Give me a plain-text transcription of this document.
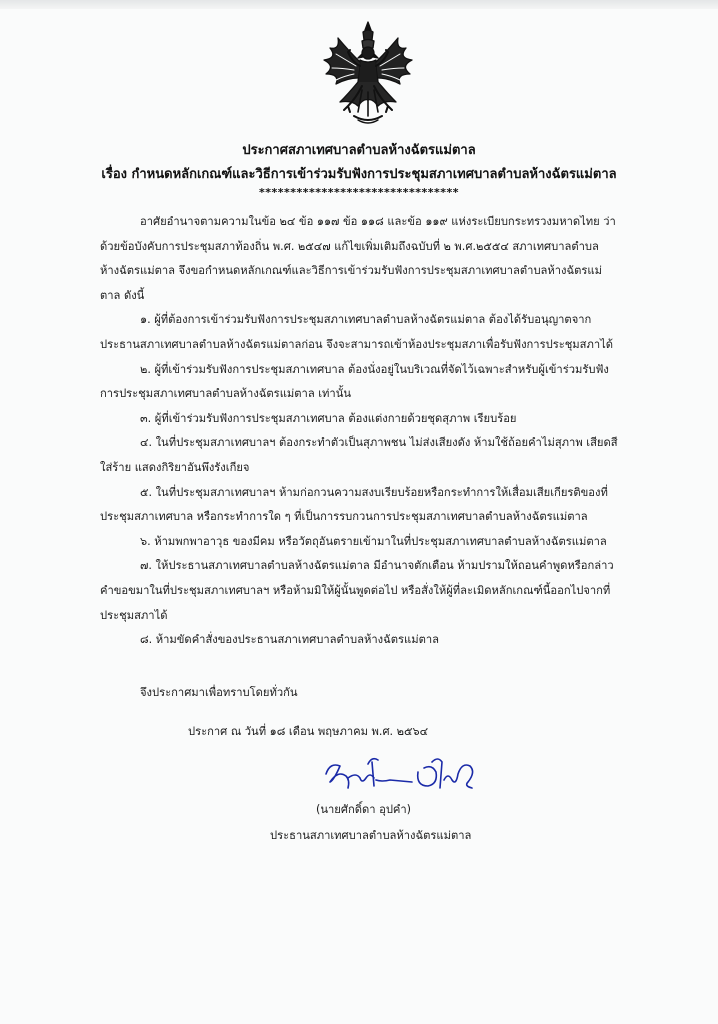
ประกาศสภาเทศบาลตำบลห้างฉัตรแม่ตาล
เรื่อง กำหนดหลักเกณฑ์และวิธีการเข้าร่วมรับฟังการประชุมสภาเทศบาลตำบลห้างฉัตรแม่ตาล
********************************

อาศัยอำนาจตามความในข้อ ๒๔ ข้อ ๑๑๗ ข้อ ๑๑๘ และข้อ ๑๑๙ แห่งระเบียบกระทรวงมหาดไทย ว่าด้วยข้อบังคับการประชุมสภาท้องถิ่น พ.ศ. ๒๕๔๗ แก้ไขเพิ่มเติมถึงฉบับที่ ๒ พ.ศ.๒๕๕๔ สภาเทศบาลตำบลห้างฉัตรแม่ตาล จึงขอกำหนดหลักเกณฑ์และวิธีการเข้าร่วมรับฟังการประชุมสภาเทศบาลตำบลห้างฉัตรแม่ตาล ดังนี้

๑. ผู้ที่ต้องการเข้าร่วมรับฟังการประชุมสภาเทศบาลตำบลห้างฉัตรแม่ตาล ต้องได้รับอนุญาตจากประธานสภาเทศบาลตำบลห้างฉัตรแม่ตาลก่อน จึงจะสามารถเข้าห้องประชุมสภาเพื่อรับฟังการประชุมสภาได้

๒. ผู้ที่เข้าร่วมรับฟังการประชุมสภาเทศบาล ต้องนั่งอยู่ในบริเวณที่จัดไว้เฉพาะสำหรับผู้เข้าร่วมรับฟังการประชุมสภาเทศบาลตำบลห้างฉัตรแม่ตาล เท่านั้น

๓. ผู้ที่เข้าร่วมรับฟังการประชุมสภาเทศบาล ต้องแต่งกายด้วยชุดสุภาพ เรียบร้อย

๔. ในที่ประชุมสภาเทศบาลฯ ต้องกระทำตัวเป็นสุภาพชน ไม่ส่งเสียงดัง ห้ามใช้ถ้อยคำไม่สุภาพ เสียดสีใส่ร้าย แสดงกิริยาอันพึงรังเกียจ

๕. ในที่ประชุมสภาเทศบาลฯ ห้ามก่อกวนความสงบเรียบร้อยหรือกระทำการให้เสื่อมเสียเกียรติของที่ประชุมสภาเทศบาล หรือกระทำการใด ๆ ที่เป็นการรบกวนการประชุมสภาเทศบาลตำบลห้างฉัตรแม่ตาล

๖. ห้ามพกพาอาวุธ ของมีคม หรือวัตถุอันตรายเข้ามาในที่ประชุมสภาเทศบาลตำบลห้างฉัตรแม่ตาล

๗. ให้ประธานสภาเทศบาลตำบลห้างฉัตรแม่ตาล มีอำนาจตักเตือน ห้ามปรามให้ถอนคำพูดหรือกล่าวคำขอขมาในที่ประชุมสภาเทศบาลฯ หรือห้ามมิให้ผู้นั้นพูดต่อไป หรือสั่งให้ผู้ที่ละเมิดหลักเกณฑ์นี้ออกไปจากที่ประชุมสภาได้

๘. ห้ามขัดคำสั่งของประธานสภาเทศบาลตำบลห้างฉัตรแม่ตาล

จึงประกาศมาเพื่อทราบโดยทั่วกัน
ประกาศ ณ วันที่ ๑๘ เดือน พฤษภาคม พ.ศ. ๒๕๖๔
(นายศักดิ์ดา อุปคำ)
ประธานสภาเทศบาลตำบลห้างฉัตรแม่ตาล
